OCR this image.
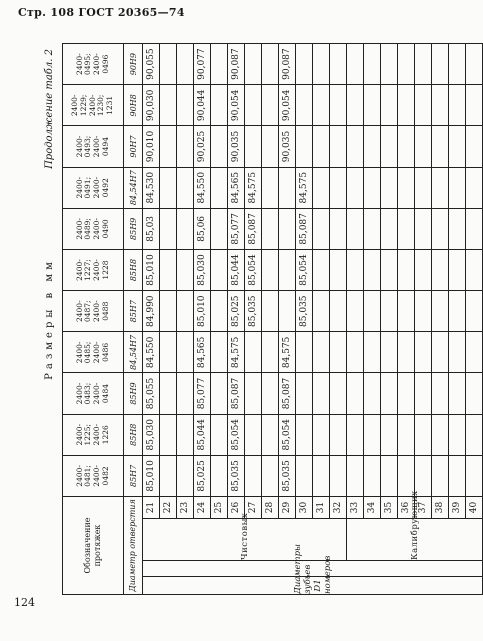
Стр. 108 ГОСТ 20365—74
Размеры в мм
Продолжение табл. 2
Обозначение протяжек				2400-0481; 2400-0482	2400-1225; 2400-1226	2400-0483; 2400-0484	2400-0485; 2400-0486	2400-0487; 2400-0488	2400-1227; 2400-1228	2400-0489; 2400-0490	2400-0491; 2400-0492	2400-0493; 2400-0494	2400-1229; 2400-1230; 1231	2400-0495; 2400-0496
Диаметр отверстия				85H7	85H8	85H9	84,54H7	85H7	85H8	85H9	84,54H7	90H7	90H8	90H9
Диаметры зубьев D1 номеров		Чистовых	21	85,010	85,030	85,055	84,550	84,990	85,010	85,03	84,530	90,010	90,030	90,055
			22											
			23											
			24	85,025	85,044	85,077	84,565	85,010	85,030	85,06	84,550	90,025	90,044	90,077
			25											
			26	85,035	85,054	85,087	84,575	85,025	85,044	85,077	84,565	90,035	90,054	90,087
			27					85,035	85,054	85,087	84,575			
			28											
			29	85,035	85,054	85,087	84,575					90,035	90,054	90,087
			30					85,035	85,054	85,087	84,575			
			31											
			32											
		Калибрующих	33											
			34											
			35											
			36											
			37											
			38											
			39											
			40											
124
